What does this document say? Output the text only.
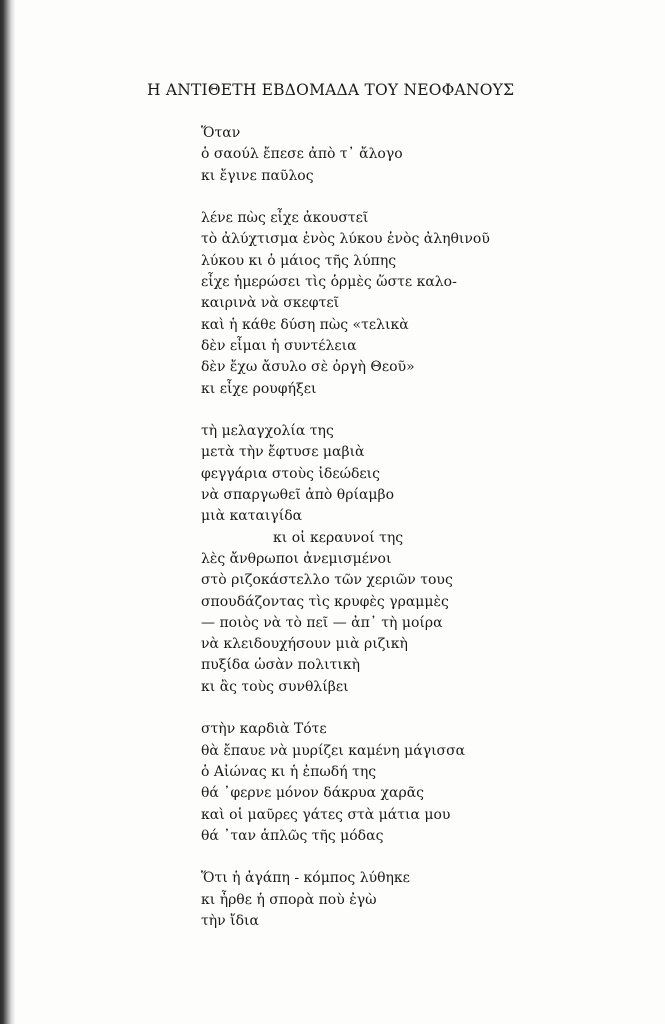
Η ΑΝΤΙΘΕΤΗ ΕΒΔΟΜΑΔΑ ΤΟΥ ΝΕΟΦΑΝΟΥΣ
Ὅταν
ὁ σαούλ ἔπεσε ἀπὸ τ᾽ ἄλογο
κι ἔγινε παῦλος
λένε πὼς εἶχε ἀκουστεῖ
τὸ ἀλύχτισμα ἑνὸς λύκου ἑνὸς ἀληθινοῦ
λύκου κι ὁ μάιος τῆς λύπης
εἶχε ἡμερώσει τὶς ὁρμὲς ὥστε καλο-
καιρινὰ νὰ σκεφτεῖ
καὶ ἡ κάθε δύση πὼς «τελικὰ
δὲν εἶμαι ἡ συντέλεια
δὲν ἔχω ἄσυλο σὲ ὀργὴ Θεοῦ»
κι εἶχε ρουφήξει
τὴ μελαγχολία της
μετὰ τὴν ἔφτυσε μαβιὰ
φεγγάρια στοὺς ἰδεώδεις
νὰ σπαργωθεῖ ἀπὸ θρίαμβο
μιὰ καταιγίδα
κι οἱ κεραυνοί της
λὲς ἄνθρωποι ἀνεμισμένοι
στὸ ριζοκάστελλο τῶν χεριῶν τους
σπουδάζοντας τὶς κρυφὲς γραμμὲς
— ποιὸς νὰ τὸ πεῖ — ἀπ᾽ τὴ μοίρα
νὰ κλειδουχήσουν μιὰ ριζικὴ
πυξίδα ὡσὰν πολιτικὴ
κι ἂς τοὺς συνθλίβει
στὴν καρδιὰ Τότε
θὰ ἔπαυε νὰ μυρίζει καμένη μάγισσα
ὁ Αἰώνας κι ἡ ἐπωδή της
θά ᾽φερνε μόνον δάκρυα χαρᾶς
καὶ οἱ μαῦρες γάτες στὰ μάτια μου
θά ᾽ταν ἁπλῶς τῆς μόδας
Ὅτι ἡ ἀγάπη - κόμπος λύθηκε
κι ἦρθε ἡ σπορὰ ποὺ ἐγὼ
τὴν ἴδια
